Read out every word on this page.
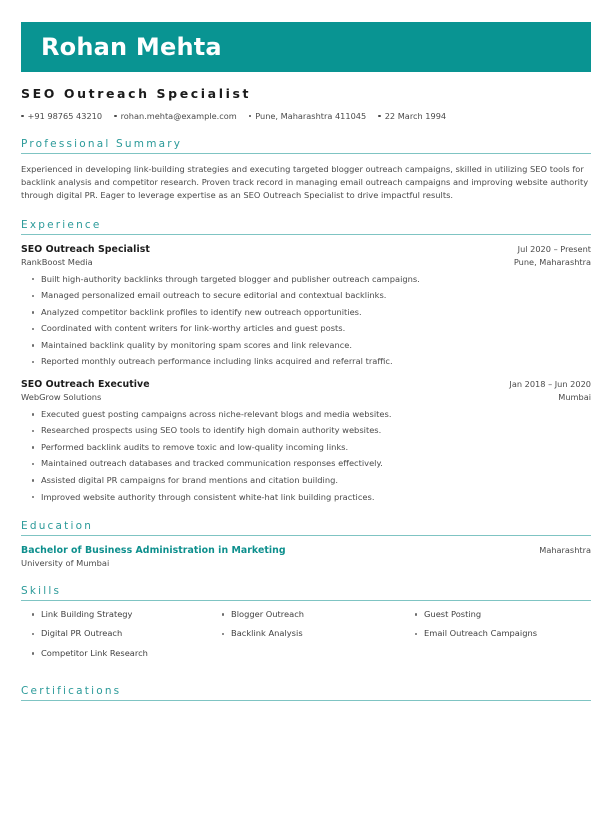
Rohan Mehta
SEO Outreach Specialist
+91 98765 43210 rohan.mehta@example.com Pune, Maharashtra 411045 22 March 1994
Professional Summary
Experienced in developing link-building strategies and executing targeted blogger outreach campaigns, skilled in utilizing SEO tools for backlink analysis and competitor research. Proven track record in managing email outreach campaigns and improving website authority through digital PR. Eager to leverage expertise as an SEO Outreach Specialist to drive impactful results.
Experience
SEO Outreach Specialist	Jul 2020 – Present
RankBoost Media	Pune, Maharashtra
Built high-authority backlinks through targeted blogger and publisher outreach campaigns.
Managed personalized email outreach to secure editorial and contextual backlinks.
Analyzed competitor backlink profiles to identify new outreach opportunities.
Coordinated with content writers for link-worthy articles and guest posts.
Maintained backlink quality by monitoring spam scores and link relevance.
Reported monthly outreach performance including links acquired and referral traffic.
SEO Outreach Executive	Jan 2018 – Jun 2020
WebGrow Solutions	Mumbai
Executed guest posting campaigns across niche-relevant blogs and media websites.
Researched prospects using SEO tools to identify high domain authority websites.
Performed backlink audits to remove toxic and low-quality incoming links.
Maintained outreach databases and tracked communication responses effectively.
Assisted digital PR campaigns for brand mentions and citation building.
Improved website authority through consistent white-hat link building practices.
Education
Bachelor of Business Administration in Marketing	Maharashtra
University of Mumbai
Skills
Link Building Strategy	Blogger Outreach	Guest Posting
Digital PR Outreach	Backlink Analysis	Email Outreach Campaigns
Competitor Link Research
Certifications
